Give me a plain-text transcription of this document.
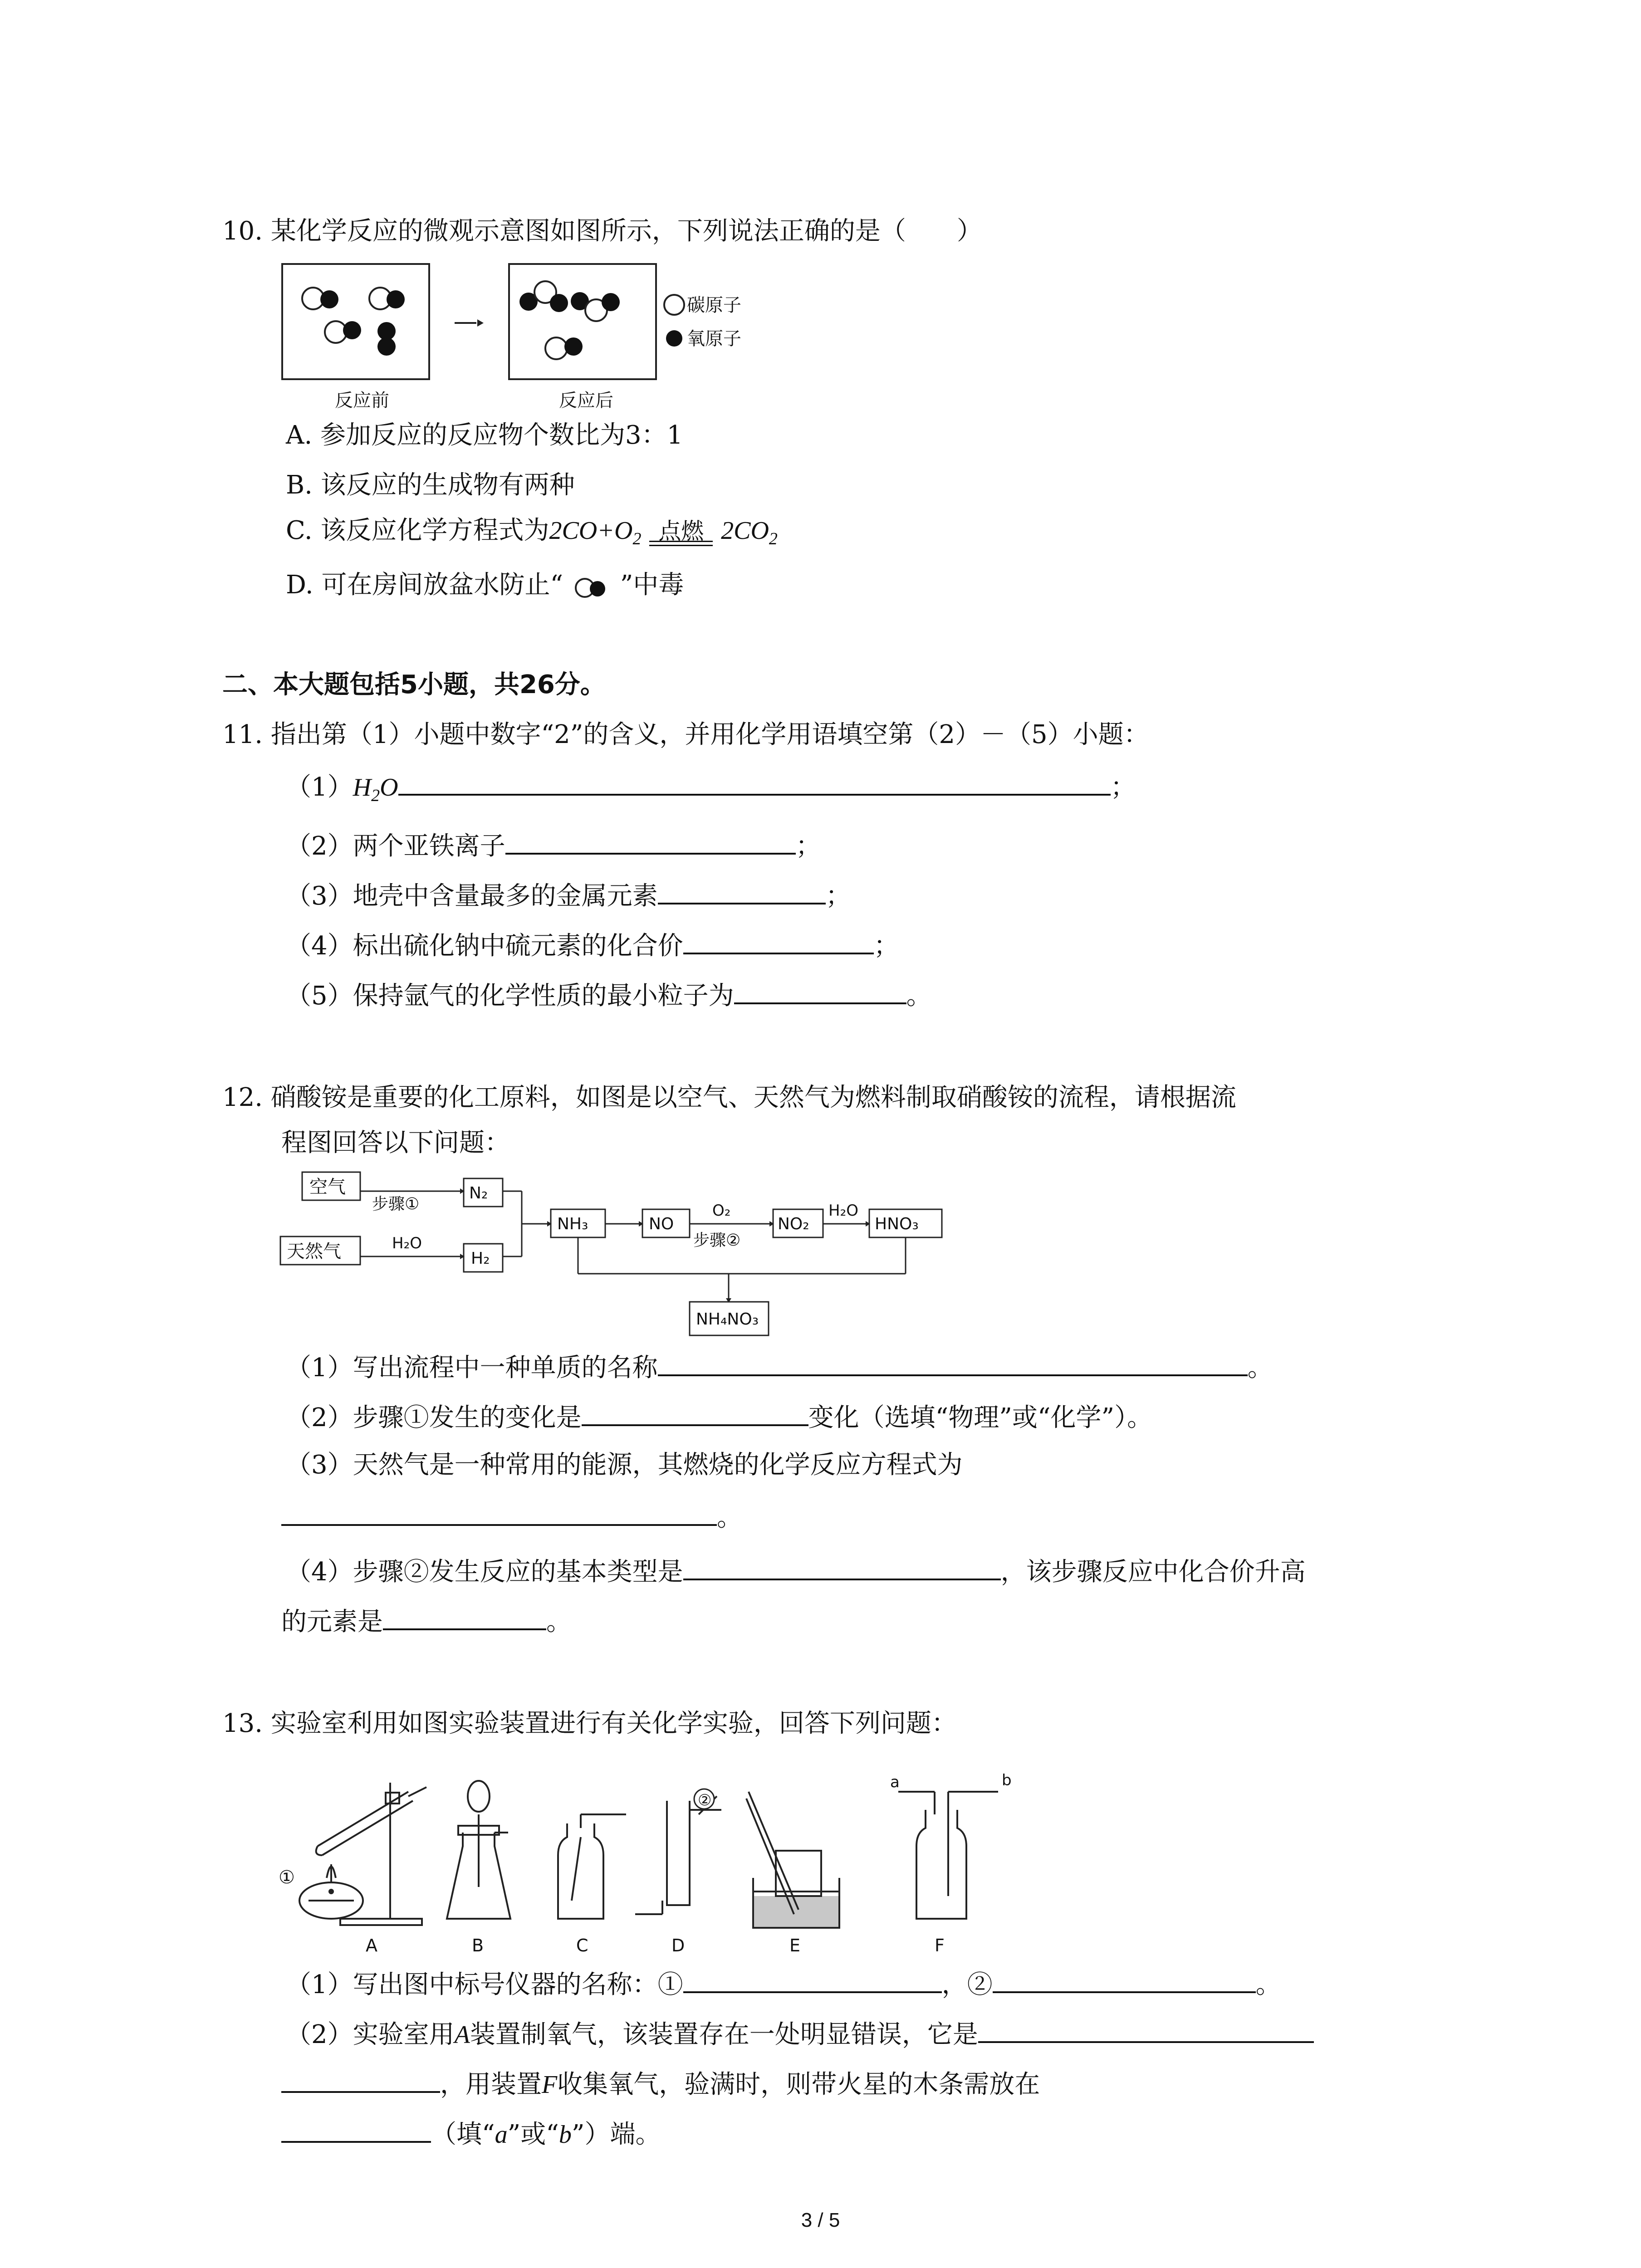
10. 某化学反应的微观示意图如图所示，下列说法正确的是（　　）
碳原子
氧原子
反应前	反应后
A. 参加反应的反应物个数比为3：1
B. 该反应的生成物有两种
C. 该反应化学方程式为$2CO+O_2$ 点燃 $2CO_2$
D. 可在房间放盆水防止“ ”中毒
二、本大题包括5小题，共26分。
11. 指出第（1）小题中数字“2”的含义，并用化学用语填空第（2）－（5）小题：
$(1)H_2O$	；
（2）两个亚铁离子	；
（3）地壳中含量最多的金属元素	；
（4）标出硫化钠中硫元素的化合价	；
（5）保持氩气的化学性质的最小粒子为	。
12. 硝酸铵是重要的化工原料，如图是以空气、天然气为燃料制取硝酸铵的流程，请根据流
程图回答以下问题：
空气
步骤①
N₂
天然气	H₂O
H₂
NH₃	NO
O₂
步骤②
NO₂
H₂O
HNO₃
NH₄NO₃
（1）写出流程中一种单质的名称	。
（2）步骤①发生的变化是	变化（选填“物理”或“化学”）。
（3）天然气是一种常用的能源，其燃烧的化学反应方程式为
。
（4）步骤②发生反应的基本类型是	，该步骤反应中化合价升高
的元素是	。
13. 实验室利用如图实验装置进行有关化学实验，回答下列问题：
①
②
a	b
A	B	C	D	E	F
（1）写出图中标号仪器的名称：①	，②	。
（2）实验室用A装置制氧气，该装置存在一处明显错误，它是
，用装置F收集氧气，验满时，则带火星的木条需放在
（填“a”或“b”）端。
3 / 5
